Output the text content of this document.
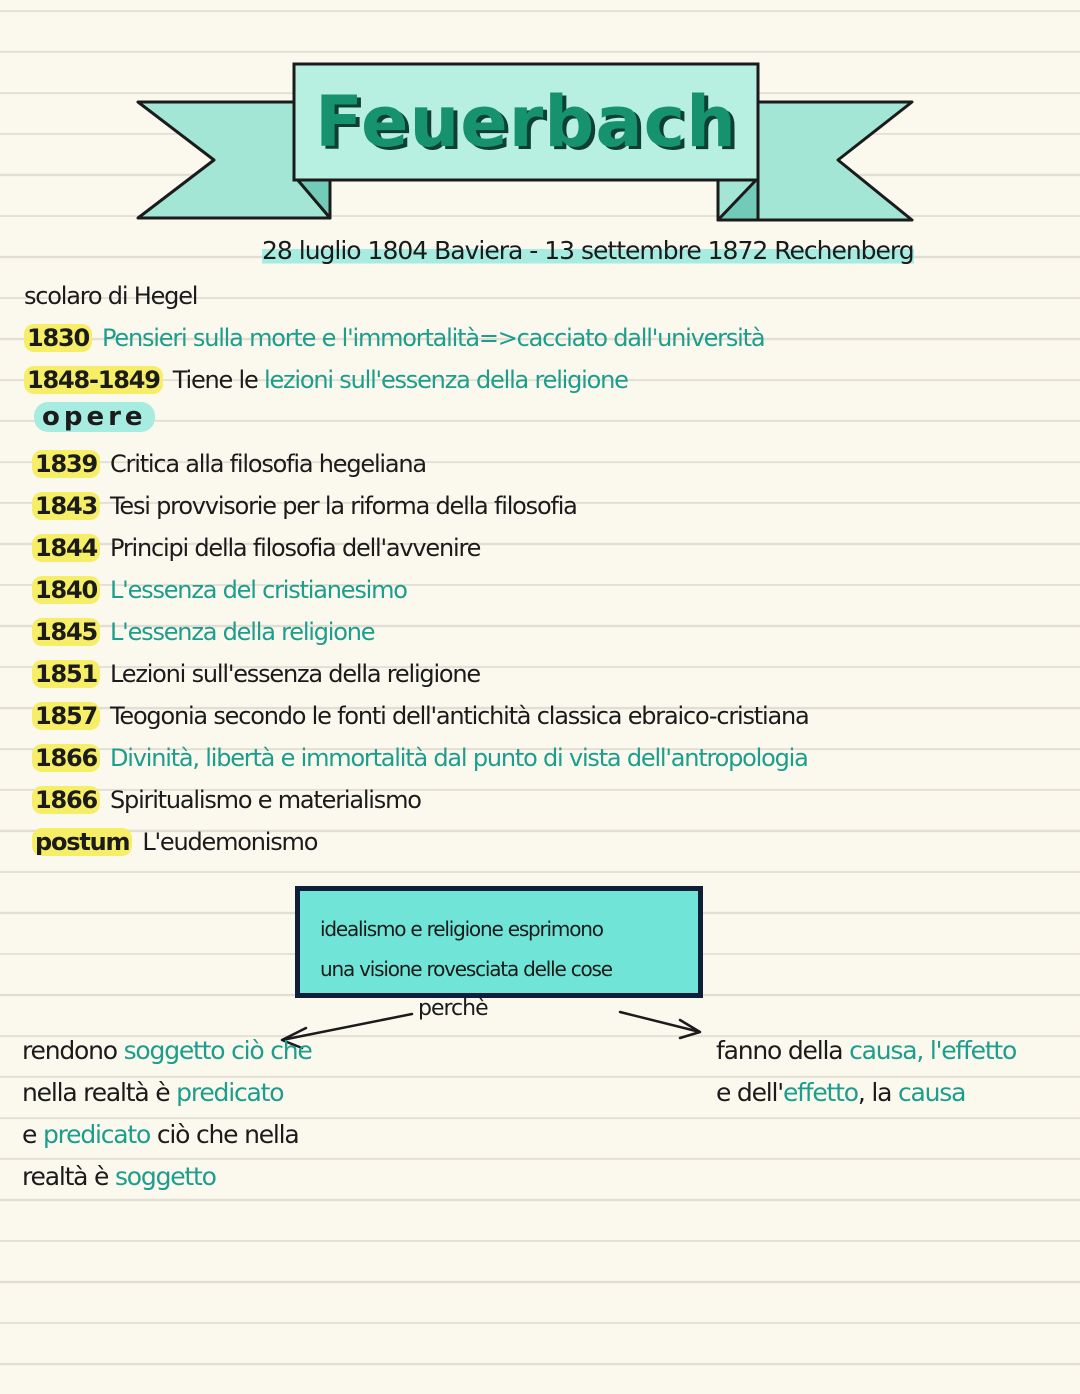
Feuerbach
28 luglio 1804 Baviera - 13 settembre 1872 Rechenberg
scolaro di Hegel
1830 Pensieri sulla morte e l'immortalità=>cacciato dall'università
1848-1849 Tiene le lezioni sull'essenza della religione
opere
1839 Critica alla filosofia hegeliana
1843 Tesi provvisorie per la riforma della filosofia
1844 Principi della filosofia dell'avvenire
1840 L'essenza del cristianesimo
1845 L'essenza della religione
1851 Lezioni sull'essenza della religione
1857 Teogonia secondo le fonti dell'antichità classica ebraico-cristiana
1866 Divinità, libertà e immortalità dal punto di vista dell'antropologia
1866 Spiritualismo e materialismo
postum L'eudemonismo
idealismo e religione esprimono
una visione rovesciata delle cose
perchè
rendono soggetto ciò che
nella realtà è predicato
e predicato ciò che nella
realtà è soggetto
fanno della causa, l'effetto
e dell'effetto, la causa
